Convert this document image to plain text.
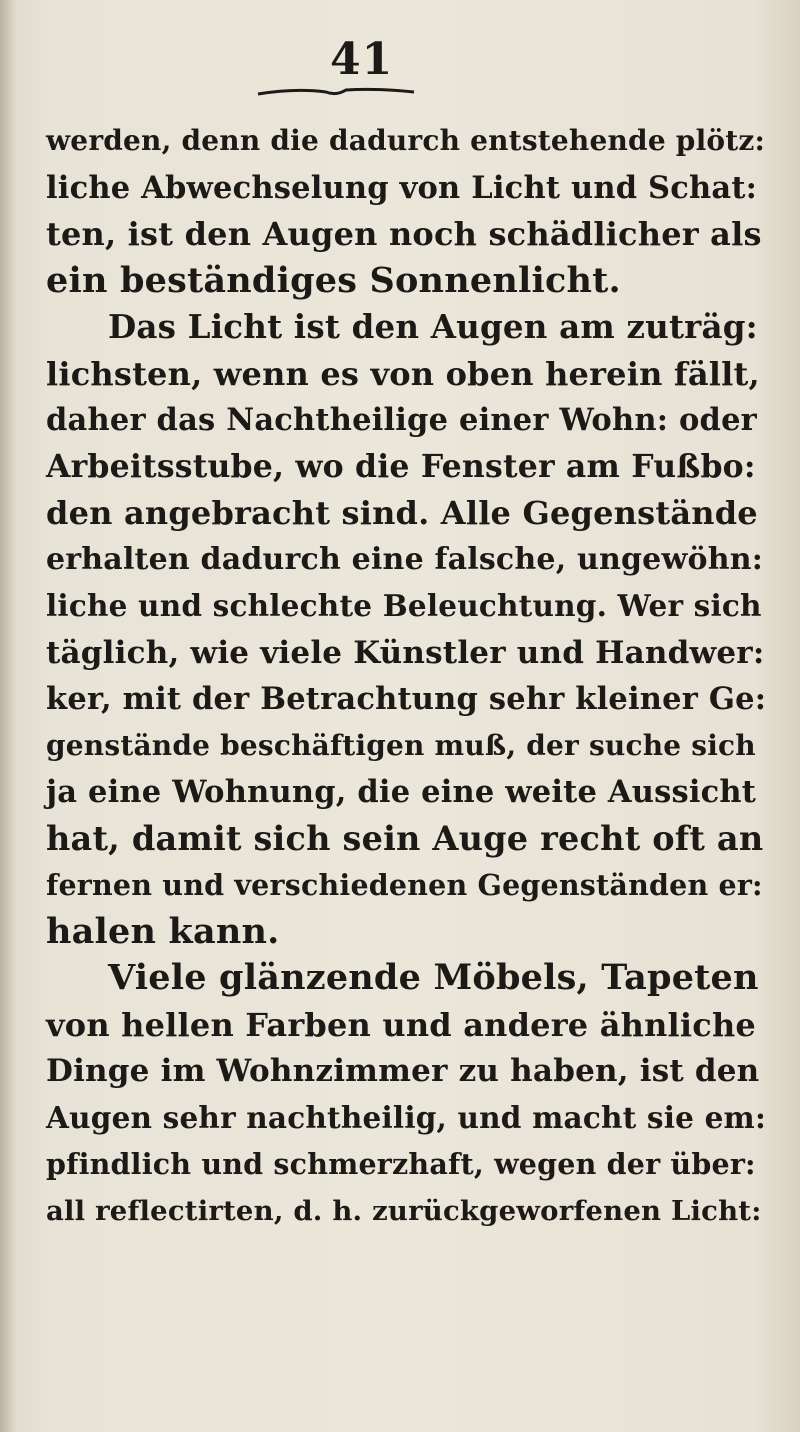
41
werden, denn die dadurch entstehende plötz:
liche Abwechselung von Licht und Schat:
ten, ist den Augen noch schädlicher als
ein beständiges Sonnenlicht.
Das Licht ist den Augen am zuträg:
lichsten, wenn es von oben herein fällt,
daher das Nachtheilige einer Wohn: oder
Arbeitsstube, wo die Fenster am Fußbo:
den angebracht sind. Alle Gegenstände
erhalten dadurch eine falsche, ungewöhn:
liche und schlechte Beleuchtung. Wer sich
täglich, wie viele Künstler und Handwer:
ker, mit der Betrachtung sehr kleiner Ge:
genstände beschäftigen muß, der suche sich
ja eine Wohnung, die eine weite Aussicht
hat, damit sich sein Auge recht oft an
fernen und verschiedenen Gegenständen er:
halen kann.
Viele glänzende Möbels, Tapeten
von hellen Farben und andere ähnliche
Dinge im Wohnzimmer zu haben, ist den
Augen sehr nachtheilig, und macht sie em:
pfindlich und schmerzhaft, wegen der über:
all reflectirten, d. h. zurückgeworfenen Licht:
